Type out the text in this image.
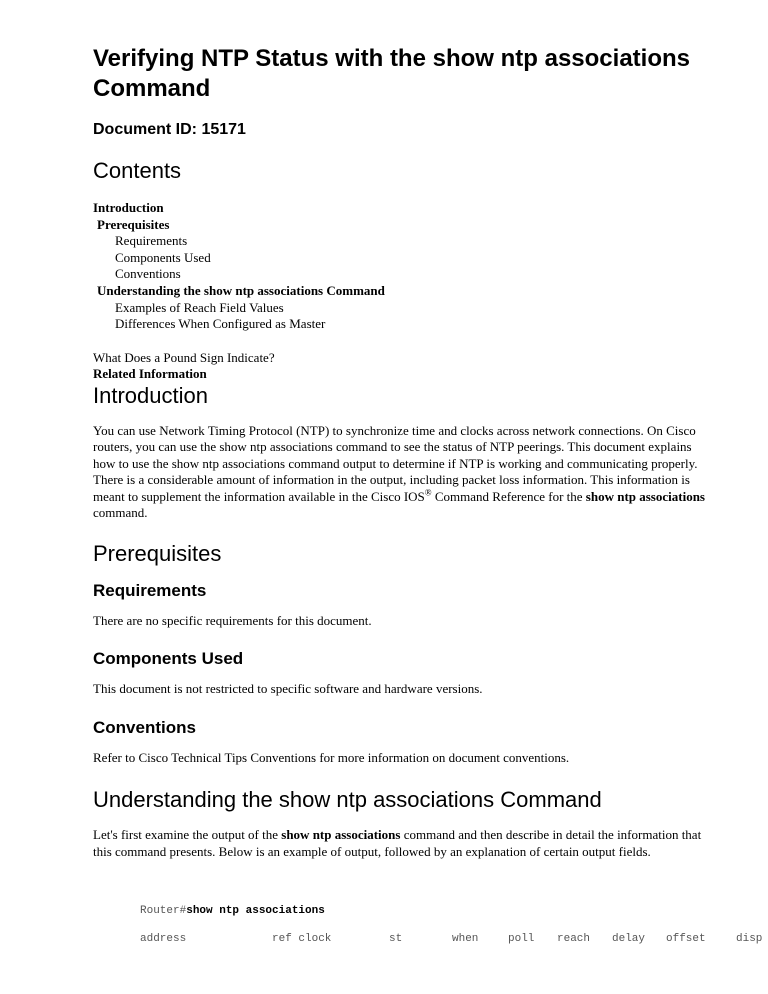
Verifying NTP Status with the show ntp associations Command
Document ID: 15171
Contents
Introduction
Prerequisites
Requirements
Components Used
Conventions
Understanding the show ntp associations Command
Examples of Reach Field Values
Differences When Configured as Master
What Does a Pound Sign Indicate?
Related Information
Introduction

You can use Network Timing Protocol (NTP) to synchronize time and clocks across network connections. On Cisco routers, you can use the show ntp associations command to see the status of NTP peerings. This document explains how to use the show ntp associations command output to determine if NTP is working and communicating properly. There is a considerable amount of information in the output, including packet loss information. This information is meant to supplement the information available in the Cisco IOS® Command Reference for the show ntp associations command.

Prerequisites
Requirements

There are no specific requirements for this document.

Components Used

This document is not restricted to specific software and hardware versions.

Conventions

Refer to Cisco Technical Tips Conventions for more information on document conventions.

Understanding the show ntp associations Command

Let's first examine the output of the show ntp associations command and then describe in detail the information that this command presents. Below is an example of output, followed by an explanation of certain output fields.

Router#show ntp associations
address	ref clock	st	when	poll reach delay offset	disp
